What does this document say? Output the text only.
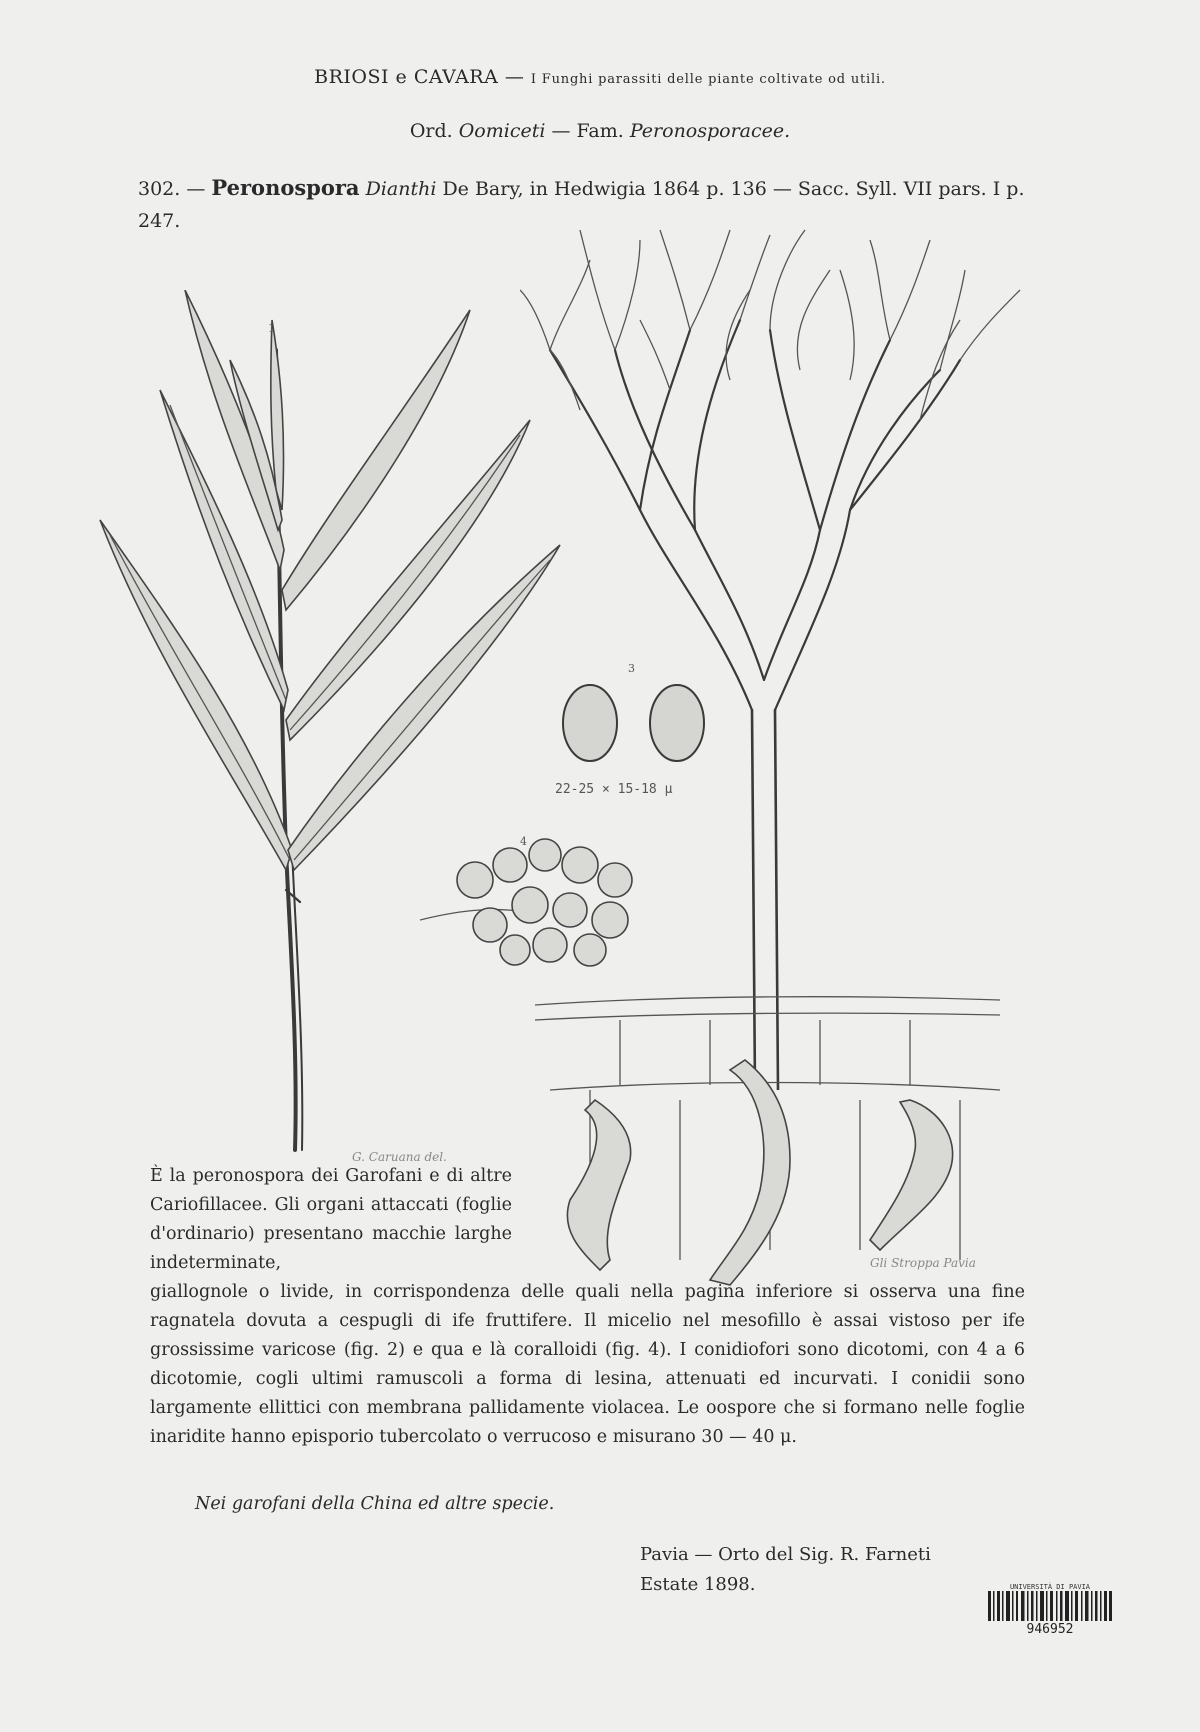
BRIOSI e CAVARA — I Funghi parassiti delle piante coltivate od utili.
Ord. Oomiceti — Fam. Peronosporacee.
302. — Peronospora Dianthi De Bary, in Hedwigia 1864 p. 136 — Sacc. Syll. VII pars. I p. 247.
1
3
22-25 × 15-18 μ
4
G. Caruana del.
Gli Stroppa Pavia
È la peronospora dei Garofani e di altre Cariofillacee. Gli organi attaccati (foglie d'ordinario) presentano macchie larghe indeterminate,
giallognole o livide, in corrispondenza delle quali nella pagina inferiore si osserva una fine ragnatela dovuta a cespugli di ife fruttifere. Il micelio nel mesofillo è assai vistoso per ife grossissime varicose (fig. 2) e qua e là coralloidi (fig. 4). I conidiofori sono dicotomi, con 4 a 6 dicotomie, cogli ultimi ramuscoli a forma di lesina, attenuati ed incurvati. I conidii sono largamente ellittici con membrana pallidamente violacea. Le oospore che si formano nelle foglie inaridite hanno episporio tubercolato o verrucoso e misurano 30 — 40 μ.
Nei garofani della China ed altre specie.
Pavia — Orto del Sig. R. Farneti
Estate 1898.	UNIVERSITÀ DI PAVIA
946952
